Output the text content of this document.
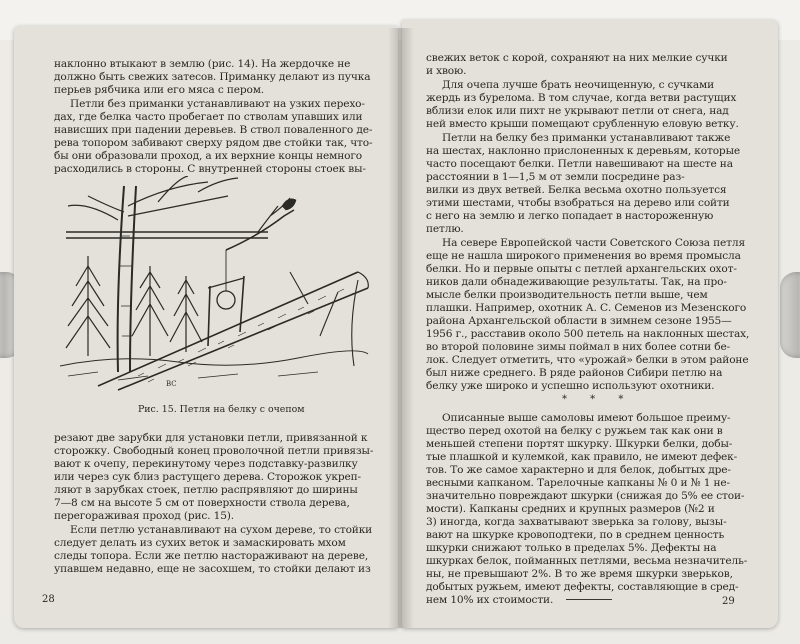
наклонно втыкают в землю (рис. 14). На жердочке не
должно быть свежих затесов. Приманку делают из пучка
перьев рябчика или его мяса с пером.
Петли без приманки устанавливают на узких перехо-
дах, где белка часто пробегает по стволам упавших или
нависших при падении деревьев. В ствол поваленного де-
рева топором забивают сверху рядом две стойки так, что-
бы они образовали проход, а их верхние концы немного
расходились в стороны. С внутренней стороны стоек вы-
BC
Рис. 15. Петля на белку с очепом
резают две зарубки для установки петли, привязанной к
сторожку. Свободный конец проволочной петли привязы-
вают к очепу, перекинутому через подставку-развилку
или через сук близ растущего дерева. Сторожок укреп-
ляют в зарубках стоек, петлю распрявляют до ширины
7—8 см на высоте 5 см от поверхности ствола дерева,
перегораживая проход (рис. 15).
Если петлю устанавливают на сухом дереве, то стойки
следует делать из сухих веток и замаскировать мхом
следы топора. Если же петлю настораживают на дереве,
упавшем недавно, еще не засохшем, то стойки делают из
28
свежих веток с корой, сохраняют на них мелкие сучки
и хвою.
Для очепа лучше брать неочищенную, с сучками
жердь из бурелома. В том случае, когда ветви растущих
вблизи елок или пихт не укрывают петли от снега, над
ней вместо крыши помещают срубленную еловую ветку.
Петли на белку без приманки устанавливают также
на шестах, наклонно прислоненных к деревьям, которые
часто посещают белки. Петли навешивают на шесте на
расстоянии в 1—1,5 м от земли посредине раз-
вилки из двух ветвей. Белка весьма охотно пользуется
этими шестами, чтобы взобраться на дерево или сойти
с него на землю и легко попадает в настороженную
петлю.
На севере Европейской части Советского Союза петля
еще не нашла широкого применения во время промысла
белки. Но и первые опыты с петлей архангельских охот-
ников дали обнадеживающие результаты. Так, на про-
мысле белки производительность петли выше, чем
плашки. Например, охотник А. С. Семенов из Мезенского
района Архангельской области в зимнем сезоне 1955—
1956 г., расставив около 500 петель на наклонных шестах,
во второй половине зимы поймал в них более сотни бе-
лок. Следует отметить, что «урожай» белки в этом районе
был ниже среднего. В ряде районов Сибири петлю на
белку уже широко и успешно используют охотники.
* * *
Описанные выше самоловы имеют большое преиму-
щество перед охотой на белку с ружьем так как они в
меньшей степени портят шкурку. Шкурки белки, добы-
тые плашкой и кулемкой, как правило, не имеют дефек-
тов. То же самое характерно и для белок, добытых дре-
весными капканом. Тарелочные капканы № 0 и № 1 не-
значительно повреждают шкурки (снижая до 5% ее стои-
мости). Капканы средних и крупных размеров (№2 и
3) иногда, когда захватывают зверька за голову, вызы-
вают на шкурке кровоподтеки, по в среднем ценность
шкурки снижают только в пределах 5%. Дефекты на
шкурках белок, пойманных петлями, весьма незначитель-
ны, не превышают 2%. В то же время шкурки зверьков,
добытых ружьем, имеют дефекты, составляющие в сред-
нем 10% их стоимости.	29
